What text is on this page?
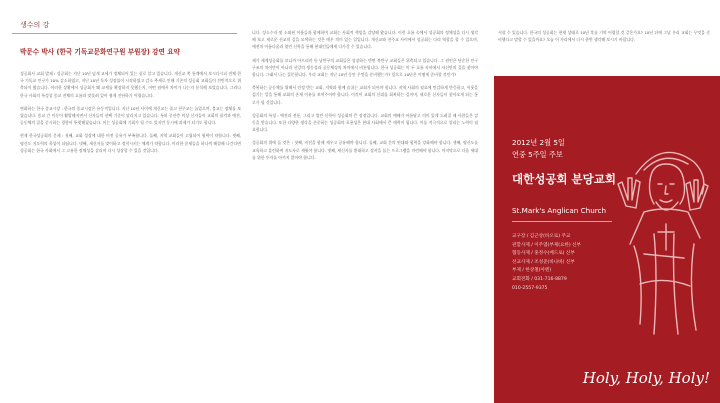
생수의 강
박문수 박사 (한국 기독교문화연구원 부원장) 강연 요약

성공회사 교회 발제 : 성공회는 지난 10년 넘게 교세가 정체되어 있는 실로 알고 있습니다. 개신교 쪽 통계에서 보시다시피 전체 한국 기독교 인구가 10% 감소하였고, 지난 10년 독자 성장률이 시작하였고 감소 추세로 인해 기존의 성공회 교회들이 전반적으로 위축되어 왔습니다. 이러한 상황에서 성공회가 왜 교세를 확장하지 못했는지, 어떤 점에서 차이가 나는지 분석해 보았습니다. 그러나 한국 사회의 특성상 종교 전체의 흐름과 맞물려 있어 쉽게 진단하기 어렵습니다.

변화하는 한국 종교시장 : 한국의 종교시장은 유동적입니다. 지난 10년 사이에 개신교는 줄고 천주교는 늘었으며, 불교는 정체를 보였습니다. 종교 간 이동이 활발해지면서 신자들의 선택 기준이 달라지고 있습니다. 특히 중산층 이상 신자들이 교회의 품격과 예전, 공동체의 질을 중시하는 경향이 뚜렷해졌습니다. 이는 성공회에 기회가 될 수도 있지만 동시에 과제가 되기도 합니다.

현재 한국성공회의 문제 : 첫째, 교회 성장에 대한 비전 공유가 부족합니다. 둘째, 지역 교회들이 고립되어 협력이 약합니다. 셋째, 평신도 지도력의 육성이 더딥니다. 넷째, 새신자를 맞이하고 정착시키는 체계가 약합니다. 이러한 문제들을 하나씩 해결해 나간다면 성공회는 한국 사회에서 그 고유한 정체성을 살리며 다시 성장할 수 있을 것입니다.

니다. 성소수자 및 소외된 이웃들과 함께하며 교회는 사회적 책임을 감당해 왔습니다. 이런 흐름 속에서 성공회의 정체성을 다시 생각해 보고 새로운 선교의 길을 모색하는 것은 매우 의미 있는 일입니다. 개신교와 천주교 사이에서 성공회는 다리 역할을 할 수 있으며, 예전의 아름다움과 열린 신학을 통해 현대인들에게 다가갈 수 있습니다.

제가 세계성공회를 보니까 아프리카 등 남반구의 교회들은 성장하는 반면 북반구 교회들은 위축되고 있습니다. 그 원인은 단순한 인구 구조의 차이만이 아니라 신앙의 생동성과 공동체성의 차이에서 비롯됩니다. 한국 성공회는 이 두 흐름 사이에서 자신만의 길을 찾아야 합니다. 그래서 나는 질문합니다. 우리 교회는 지난 10년 동안 무엇을 준비했는가? 앞으로 10년은 어떻게 준비할 것인가?

축복하는 공동체를 위해서 인정 받는 교회, 지역과 함께 숨쉬는 교회가 되어야 합니다. 지역 사회의 필요에 민감하게 반응하고, 이웃을 섬기는 일을 통해 교회의 존재 이유를 보여주어야 합니다. 이것이 교회의 신뢰를 회복하는 길이며, 새로운 신자들이 찾아오게 되는 통로가 될 것입니다.

성공회의 특징 : 예전과 전통, 그리고 열린 신학이 성공회의 큰 장점입니다. 교회의 예배가 아름답고 의미 있게 드려질 때 사람들은 감동을 받습니다. 또한 다양한 생각을 존중하는 성공회의 포용성은 현대 사회에서 큰 매력이 됩니다. 이를 적극적으로 알리는 노력이 필요합니다.

성공회의 위에 돌 것은 : 첫째, 비전을 함께 세우고 공유해야 합니다. 둘째, 교회 간의 연대와 협력을 강화해야 합니다. 셋째, 평신도를 교육하고 훈련하여 지도자로 세워야 합니다. 넷째, 새신자를 환대하고 정착을 돕는 프로그램을 마련해야 합니다. 마지막으로 다음 세대를 위한 투자를 아끼지 않아야 합니다.

서할 수 있습니다. 한국의 성공회는 현재 상태로 10년 후를 기약 어렵할 것 같은가요? 10년 뒤에 그날 우리 교회는 무엇을 준비했다고 말할 수 있을까요? 오늘 이 자리에서 다시 한번 생각해 보시기 바랍니다.

2012년 2월 5일
연중 5주일 주보
대한성공회 분당교회
St.Mark's Anglican Church
교구장 / 김근상(바오로) 주교
관할사제 / 이주엽(부제(요한) 신부
협동사제 / 홍정수(베드로) 신부
선교사제 / 조성준(바나바) 신부
부제 / 한상철(아멘)
교회전화 / 031-716-8879
010-2557-9375
Holy, Holy, Holy!
